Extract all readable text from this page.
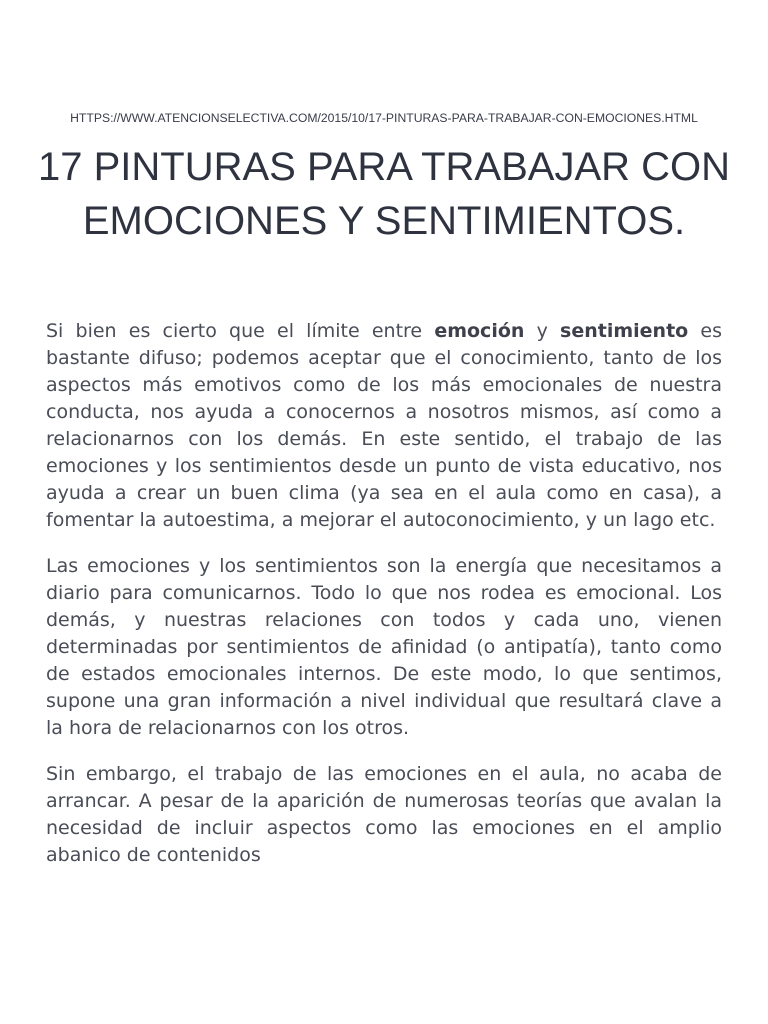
HTTPS://WWW.ATENCIONSELECTIVA.COM/2015/10/17-PINTURAS-PARA-TRABAJAR-CON-EMOCIONES.HTML
17 PINTURAS PARA TRABAJAR CON EMOCIONES Y SENTIMIENTOS.

Si bien es cierto que el límite entre emoción y sentimiento es bastante difuso; podemos aceptar que el conocimiento, tanto de los aspectos más emotivos como de los más emocionales de nuestra conducta, nos ayuda a conocernos a nosotros mismos, así como a relacionarnos con los demás. En este sentido, el trabajo de las emociones y los sentimientos desde un punto de vista educativo, nos ayuda a crear un buen clima (ya sea en el aula como en casa), a fomentar la autoestima, a mejorar el autoconocimiento, y un lago etc.

Las emociones y los sentimientos son la energía que necesitamos a diario para comunicarnos. Todo lo que nos rodea es emocional. Los demás, y nuestras relaciones con todos y cada uno, vienen determinadas por sentimientos de afinidad (o antipatía), tanto como de estados emocionales internos. De este modo, lo que sentimos, supone una gran información a nivel individual que resultará clave a la hora de relacionarnos con los otros.

Sin embargo, el trabajo de las emociones en el aula, no acaba de arrancar. A pesar de la aparición de numerosas teorías que avalan la necesidad de incluir aspectos como las emociones en el amplio abanico de contenidos
